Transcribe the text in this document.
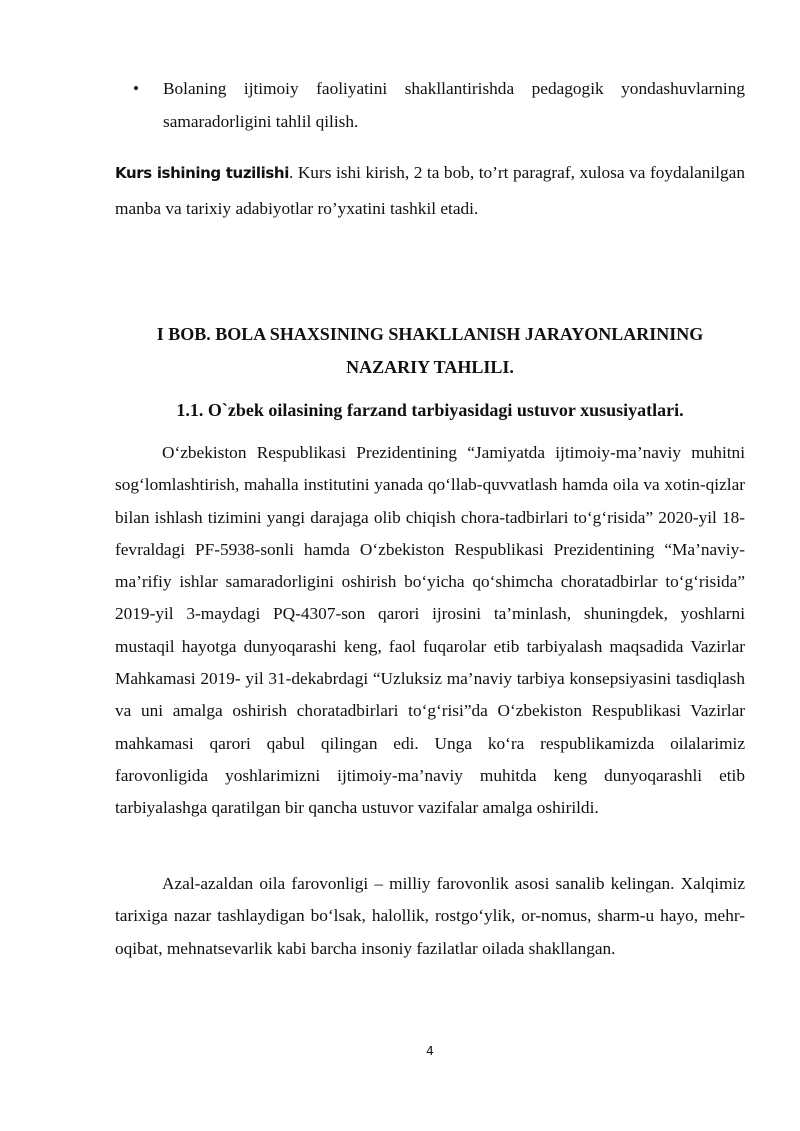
•	Bolaning ijtimoiy faoliyatini shakllantirishda pedagogik yondashuvlarning samaradorligini tahlil qilish.

Kurs ishining tuzilishi. Kurs ishi kirish, 2 ta bob, to’rt paragraf, xulosa va foydalanilgan manba va tarixiy adabiyotlar ro’yxatini tashkil etadi.

I BOB. BOLA SHAXSINING SHAKLLANISH JARAYONLARINING NAZARIY TAHLILI.
1.1. O`zbek oilasining farzand tarbiyasidagi ustuvor xususiyatlari.

O‘zbekiston Respublikasi Prezidentining “Jamiyatda ijtimoiy-ma’naviy muhitni sog‘lomlashtirish, mahalla institutini yanada qo‘llab-quvvatlash hamda oila va xotin-qizlar bilan ishlash tizimini yangi darajaga olib chiqish chora-tadbirlari to‘g‘risida” 2020-yil 18-fevraldagi PF-5938-sonli hamda O‘zbekiston Respublikasi Prezidentining “Ma’naviy-ma’rifiy ishlar samaradorligini oshirish bo‘yicha qo‘shimcha choratadbirlar to‘g‘risida” 2019-yil 3-maydagi PQ-4307-son qarori ijrosini ta’minlash, shuningdek, yoshlarni mustaqil hayotga dunyoqarashi keng, faol fuqarolar etib tarbiyalash maqsadida Vazirlar Mahkamasi 2019- yil 31-dekabrdagi “Uzluksiz ma’naviy tarbiya konsepsiyasini tasdiqlash va uni amalga oshirish choratadbirlari to‘g‘risi”da O‘zbekiston Respublikasi Vazirlar mahkamasi qarori qabul qilingan edi. Unga ko‘ra respublikamizda oilalarimiz farovonligida yoshlarimizni ijtimoiy-ma’naviy muhitda keng dunyoqarashli etib tarbiyalashga qaratilgan bir qancha ustuvor vazifalar amalga oshirildi.

Azal-azaldan oila farovonligi – milliy farovonlik asosi sanalib kelingan. Xalqimiz tarixiga nazar tashlaydigan bo‘lsak, halollik, rostgo‘ylik, or-nomus, sharm-u hayo, mehr-oqibat, mehnatsevarlik kabi barcha insoniy fazilatlar oilada shakllangan.

4
